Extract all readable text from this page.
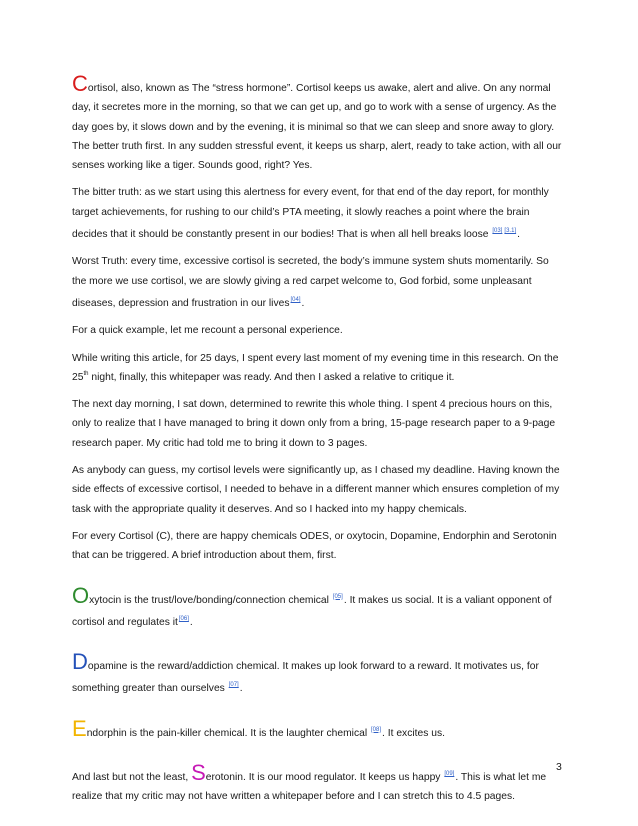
Cortisol, also, known as The “stress hormone”. Cortisol keeps us awake, alert and alive. On any normal day, it secretes more in the morning, so that we can get up, and go to work with a sense of urgency. As the day goes by, it slows down and by the evening, it is minimal so that we can sleep and snore away to glory. The better truth first. In any sudden stressful event, it keeps us sharp, alert, ready to take action, with all our senses working like a tiger. Sounds good, right? Yes.

The bitter truth: as we start using this alertness for every event, for that end of the day report, for monthly target achievements, for rushing to our child’s PTA meeting, it slowly reaches a point where the brain decides that it should be constantly present in our bodies! That is when all hell breaks loose [03] [3.1].

Worst Truth: every time, excessive cortisol is secreted, the body’s immune system shuts momentarily. So the more we use cortisol, we are slowly giving a red carpet welcome to, God forbid, some unpleasant diseases, depression and frustration in our lives[04].

For a quick example, let me recount a personal experience.

While writing this article, for 25 days, I spent every last moment of my evening time in this research. On the 25th night, finally, this whitepaper was ready. And then I asked a relative to critique it.

The next day morning, I sat down, determined to rewrite this whole thing. I spent 4 precious hours on this, only to realize that I have managed to bring it down only from a bring, 15-page research paper to a 9-page research paper. My critic had told me to bring it down to 3 pages.

As anybody can guess, my cortisol levels were significantly up, as I chased my deadline. Having known the side effects of excessive cortisol, I needed to behave in a different manner which ensures completion of my task with the appropriate quality it deserves. And so I hacked into my happy chemicals.

For every Cortisol (C), there are happy chemicals ODES, or oxytocin, Dopamine, Endorphin and Serotonin that can be triggered. A brief introduction about them, first.

Oxytocin is the trust/love/bonding/connection chemical [05]. It makes us social. It is a valiant opponent of cortisol and regulates it[06].

Dopamine is the reward/addiction chemical. It makes up look forward to a reward. It motivates us, for something greater than ourselves [07].

Endorphin is the pain-killer chemical. It is the laughter chemical [08]. It excites us.

And last but not the least, Serotonin. It is our mood regulator. It keeps us happy [09]. This is what let me realize that my critic may not have written a whitepaper before and I can stretch this to 4.5 pages.

3
